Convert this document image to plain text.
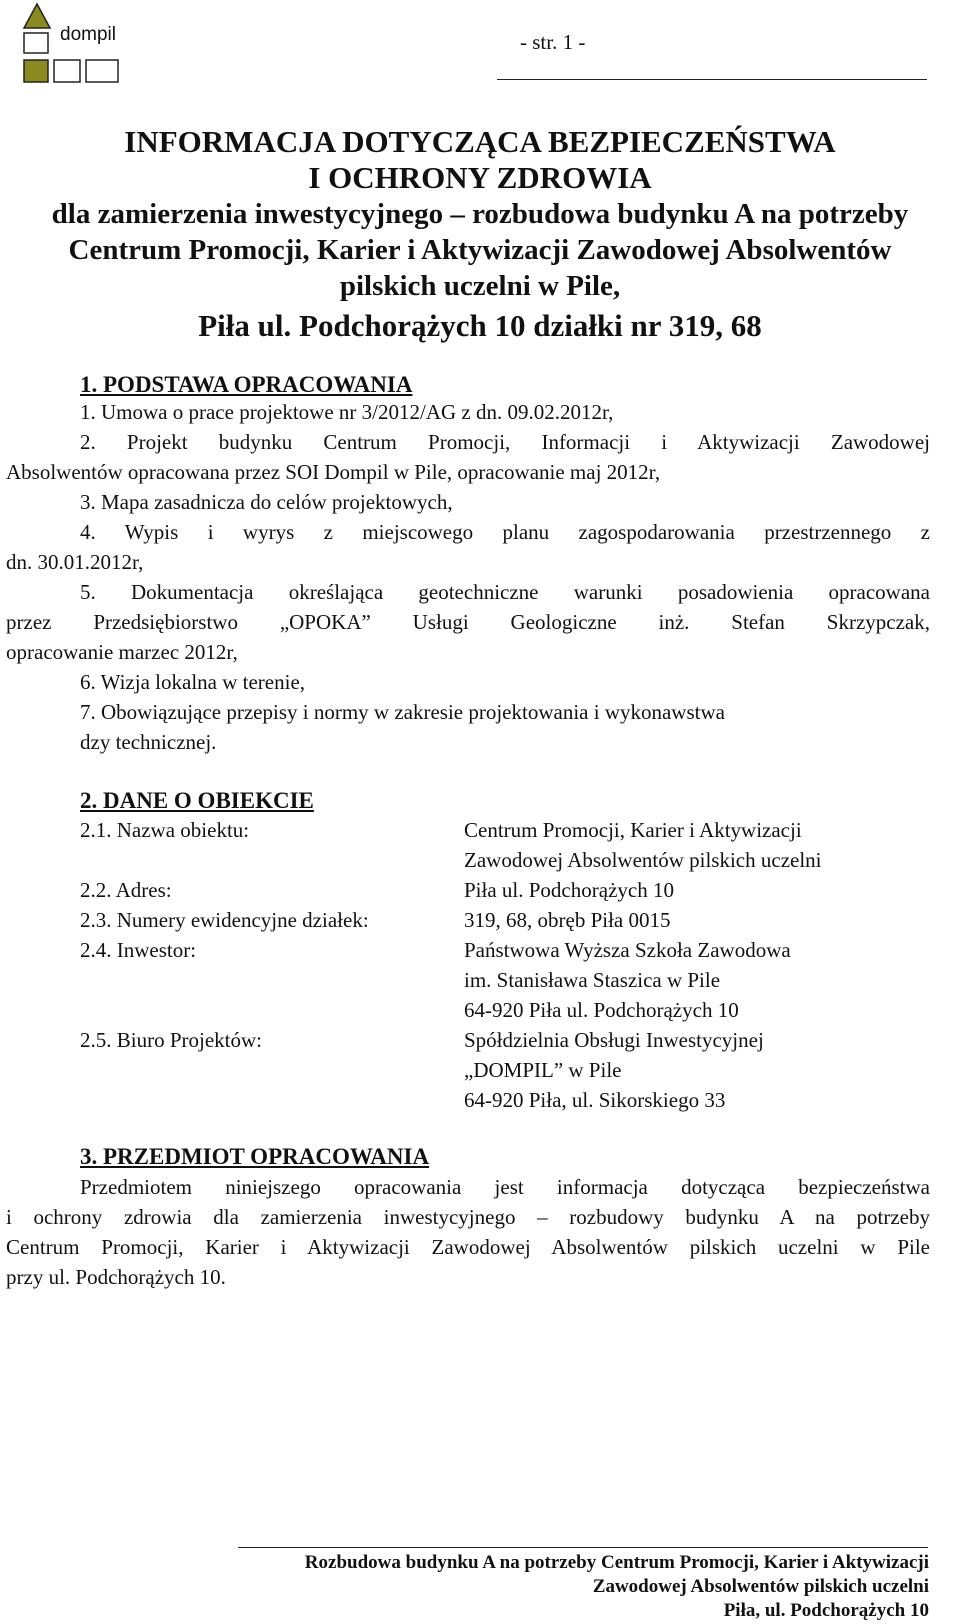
dompil	- str. 1 -
INFORMACJA DOTYCZĄCA BEZPIECZEŃSTWA
I OCHRONY ZDROWIA
dla zamierzenia inwestycyjnego – rozbudowa budynku A na potrzeby
Centrum Promocji, Karier i Aktywizacji Zawodowej Absolwentów
pilskich uczelni w Pile,
Piła ul. Podchorążych 10 działki nr 319, 68
1. PODSTAWA OPRACOWANIA
1. Umowa o prace projektowe nr 3/2012/AG z dn. 09.02.2012r,
2. Projekt budynku Centrum Promocji, Informacji i Aktywizacji Zawodowej
Absolwentów opracowana przez SOI Dompil w Pile, opracowanie maj 2012r,
3. Mapa zasadnicza do celów projektowych,
4. Wypis i wyrys z miejscowego planu zagospodarowania przestrzennego z
dn. 30.01.2012r,
5. Dokumentacja określająca geotechniczne warunki posadowienia opracowana
przez Przedsiębiorstwo „OPOKA” Usługi Geologiczne inż. Stefan Skrzypczak,
opracowanie marzec 2012r,
6. Wizja lokalna w terenie,
7. Obowiązujące przepisy i normy w zakresie projektowania i wykonawstwa
dzy technicznej.
2. DANE O OBIEKCIE
2.1. Nazwa obiektu:	Centrum Promocji, Karier i Aktywizacji
Zawodowej Absolwentów pilskich uczelni
2.2. Adres:	Piła ul. Podchorążych 10
2.3. Numery ewidencyjne działek:	319, 68, obręb Piła 0015
2.4. Inwestor:	Państwowa Wyższa Szkoła Zawodowa
im. Stanisława Staszica w Pile
64-920 Piła ul. Podchorążych 10
2.5. Biuro Projektów:	Spółdzielnia Obsługi Inwestycyjnej
„DOMPIL” w Pile
64-920 Piła, ul. Sikorskiego 33
3. PRZEDMIOT OPRACOWANIA
Przedmiotem niniejszego opracowania jest informacja dotycząca bezpieczeństwa
i ochrony zdrowia dla zamierzenia inwestycyjnego – rozbudowy budynku A na potrzeby
Centrum Promocji, Karier i Aktywizacji Zawodowej Absolwentów pilskich uczelni w Pile
przy ul. Podchorążych 10.
Rozbudowa budynku A na potrzeby Centrum Promocji, Karier i Aktywizacji
Zawodowej Absolwentów pilskich uczelni
Piła, ul. Podchorążych 10
